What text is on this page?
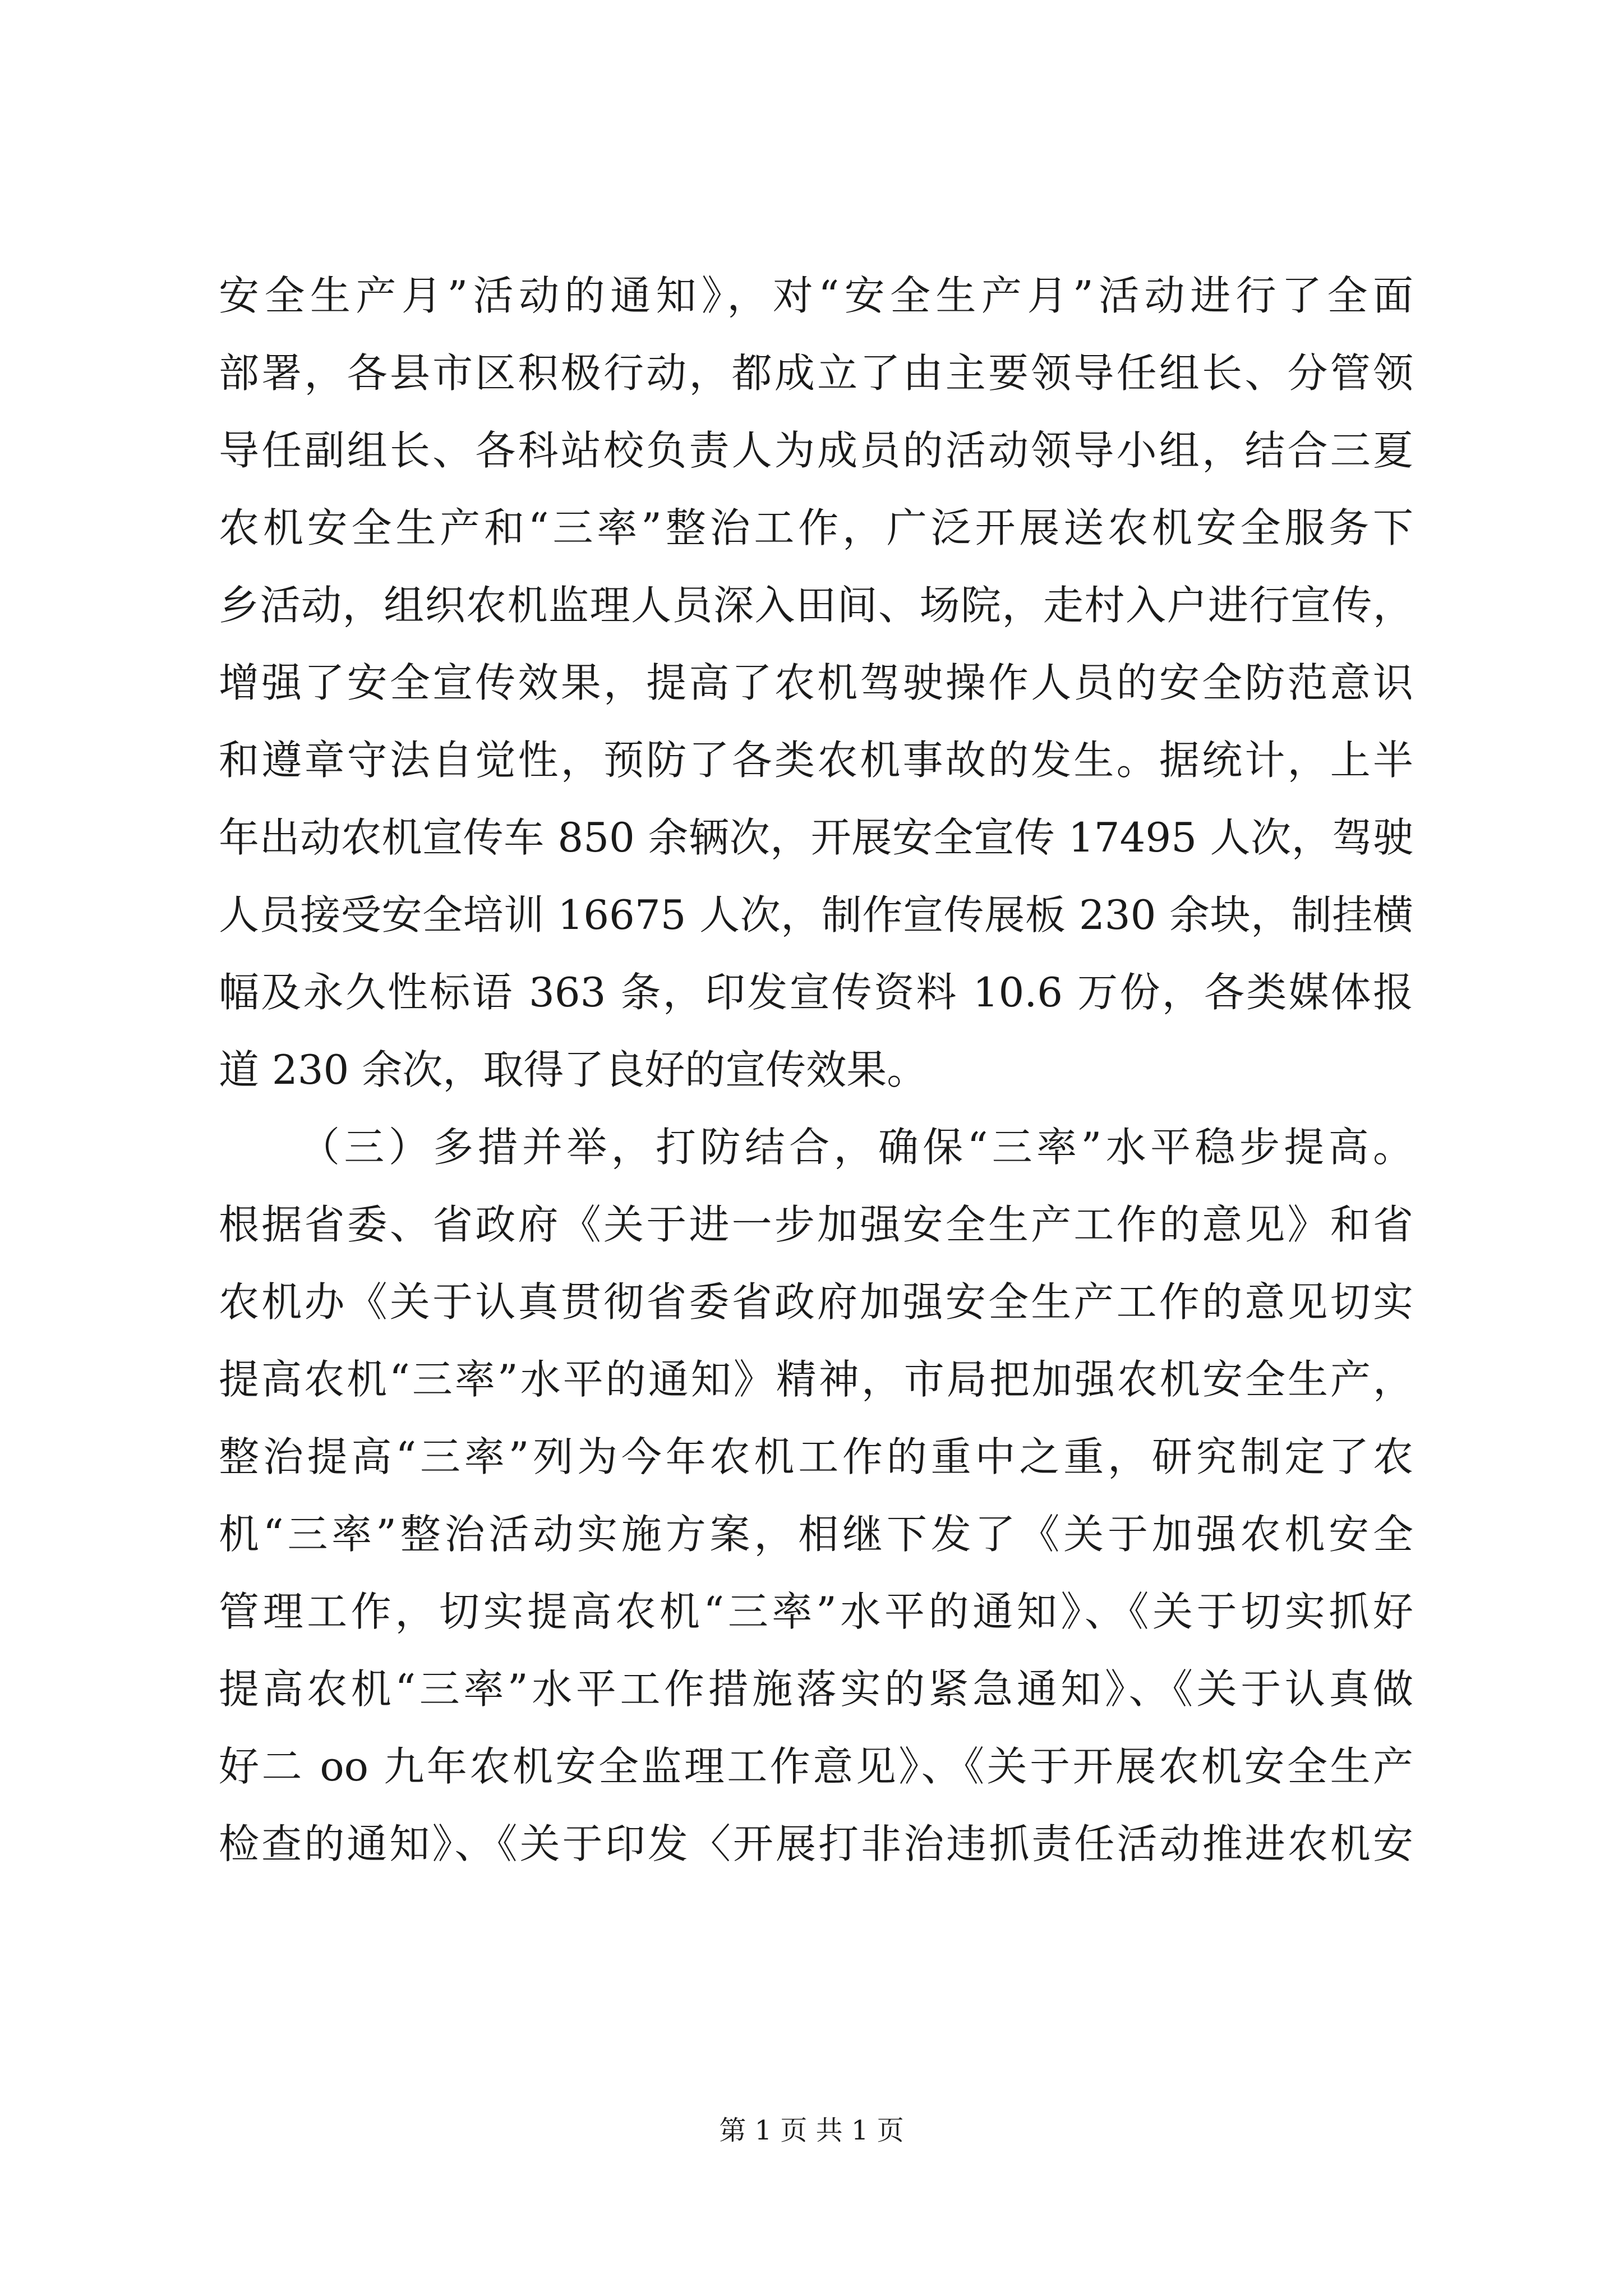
安全生产月”活动的通知》，对“安全生产月”活动进行了全面
部署，各县市区积极行动，都成立了由主要领导任组长、分管领
导任副组长、各科站校负责人为成员的活动领导小组，结合三夏
农机安全生产和“三率”整治工作，广泛开展送农机安全服务下
乡活动，组织农机监理人员深入田间、场院，走村入户进行宣传，
增强了安全宣传效果，提高了农机驾驶操作人员的安全防范意识
和遵章守法自觉性，预防了各类农机事故的发生。据统计，上半
年出动农机宣传车 850 余辆次，开展安全宣传 17495 人次，驾驶
人员接受安全培训 16675 人次，制作宣传展板 230 余块，制挂横
幅及永久性标语 363 条，印发宣传资料 10.6 万份，各类媒体报
道 230 余次，取得了良好的宣传效果。
（三）多措并举，打防结合，确保“三率”水平稳步提高。
根据省委、省政府《关于进一步加强安全生产工作的意见》和省
农机办《关于认真贯彻省委省政府加强安全生产工作的意见切实
提高农机“三率”水平的通知》精神，市局把加强农机安全生产，
整治提高“三率”列为今年农机工作的重中之重，研究制定了农
机“三率”整治活动实施方案，相继下发了《关于加强农机安全
管理工作，切实提高农机“三率”水平的通知》、《关于切实抓好
提高农机“三率”水平工作措施落实的紧急通知》、《关于认真做
好二 oo 九年农机安全监理工作意见》、《关于开展农机安全生产
检查的通知》、《关于印发〈开展打非治违抓责任活动推进农机安
第 1 页 共 1 页
